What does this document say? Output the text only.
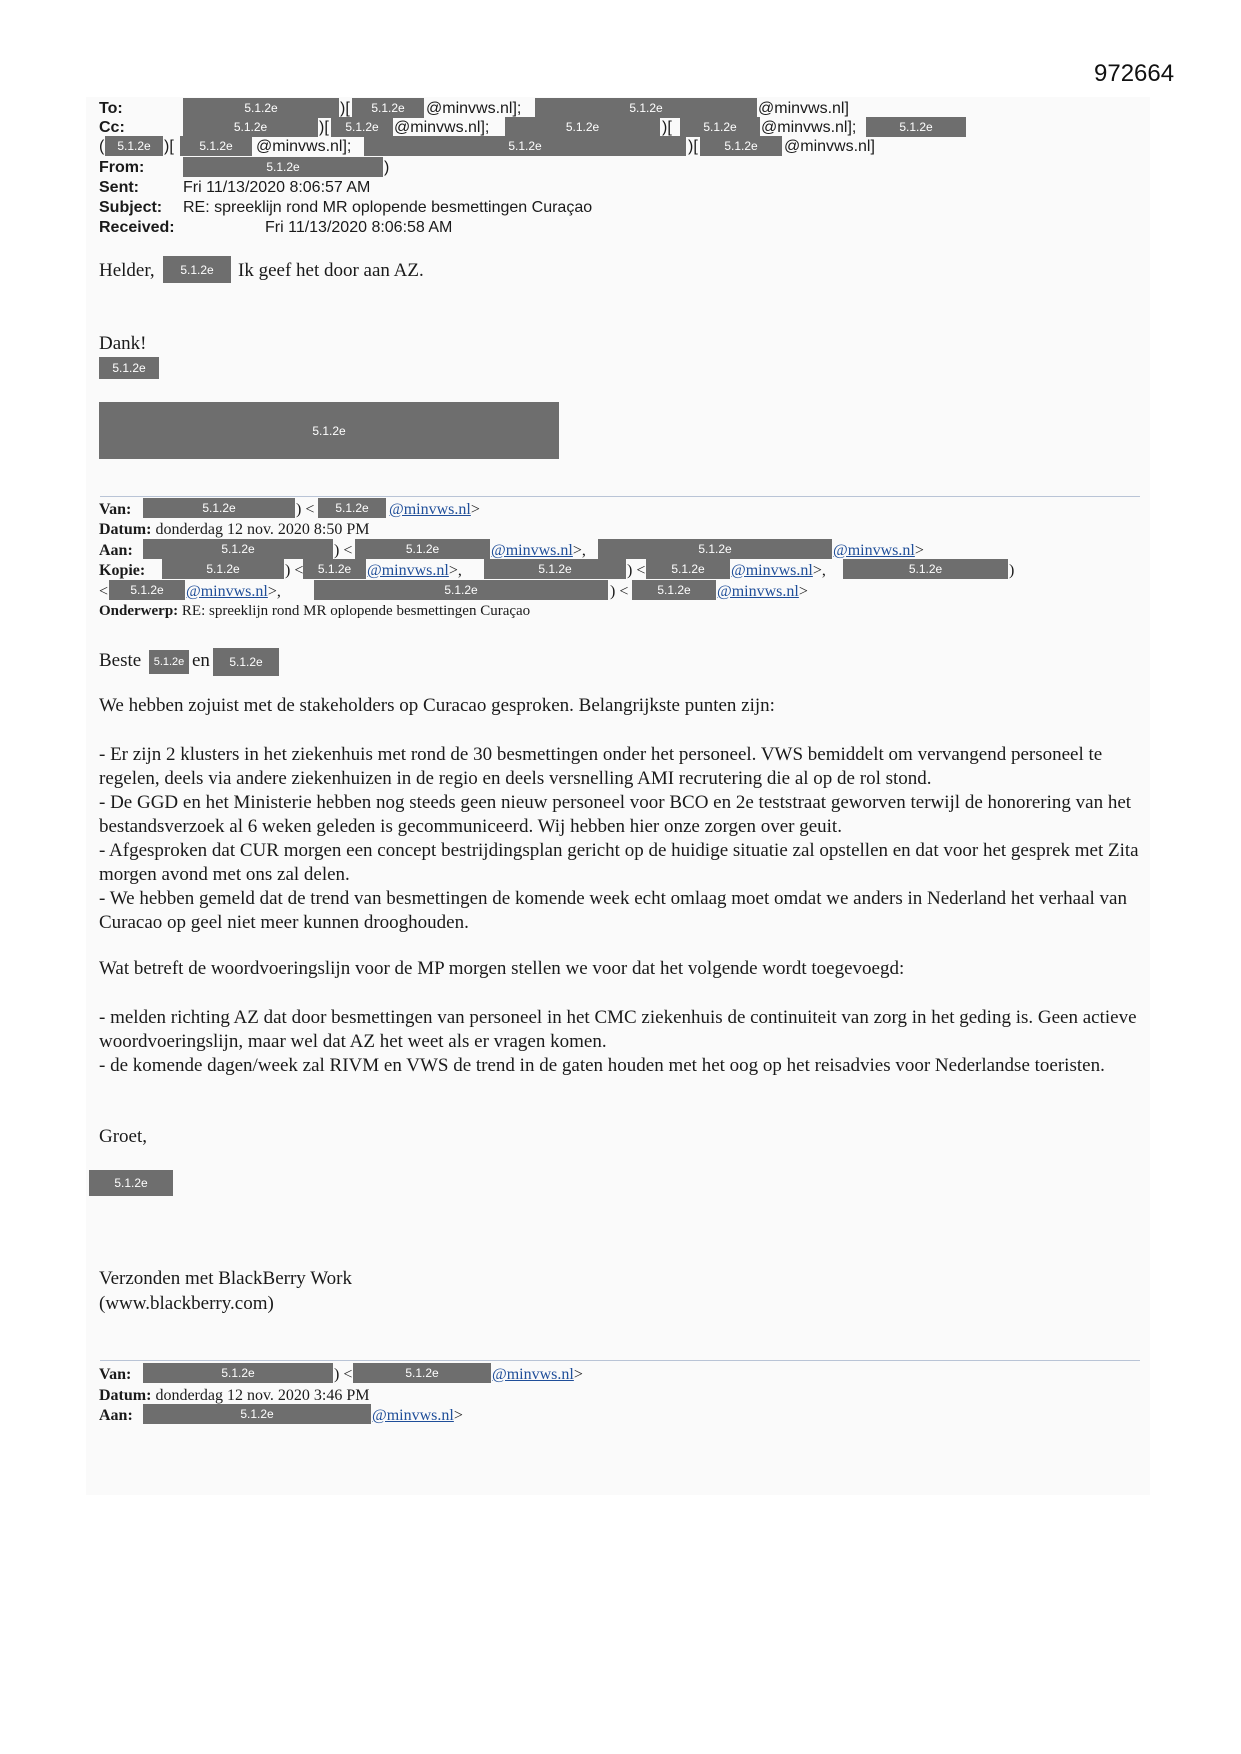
972664
To:	5.1.2e	)[	5.1.2e	@minvws.nl];	5.1.2e	@minvws.nl]
Cc:	5.1.2e	)[	5.1.2e @minvws.nl];	5.1.2e	)[	5.1.2e	@minvws.nl];	5.1.2e
(	5.1.2e )[	5.1.2e	@minvws.nl];	5.1.2e	)[	5.1.2e	@minvws.nl]
From:	5.1.2e	)
Sent:	Fri 11/13/2020 8:06:57 AM
Subject: RE: spreeklijn rond MR oplopende besmettingen Curaçao
Received:	Fri 11/13/2020 8:06:58 AM
Helder,	5.1.2e	Ik geef het door aan AZ.
Dank!
5.1.2e
5.1.2e
Van:	5.1.2e	) <	5.1.2e	@minvws.nl>
Datum: donderdag 12 nov. 2020 8:50 PM
Aan:	5.1.2e	) <	5.1.2e	@minvws.nl>,	5.1.2e	@minvws.nl>
Kopie:	5.1.2e	) <	5.1.2e @minvws.nl>,	5.1.2e	) <	5.1.2e	@minvws.nl>,	5.1.2e	)
<	5.1.2e	@minvws.nl>,	5.1.2e	) <	5.1.2e	@minvws.nl>
Onderwerp: RE: spreeklijn rond MR oplopende besmettingen Curaçao
Beste	5.1.2e en	5.1.2e

We hebben zojuist met de stakeholders op Curacao gesproken. Belangrijkste punten zijn:

- Er zijn 2 klusters in het ziekenhuis met rond de 30 besmettingen onder het personeel. VWS bemiddelt om vervangend personeel te regelen, deels via andere ziekenhuizen in de regio en deels versnelling AMI recrutering die al op de rol stond.

- De GGD en het Ministerie hebben nog steeds geen nieuw personeel voor BCO en 2e teststraat geworven terwijl de honorering van het bestandsverzoek al 6 weken geleden is gecommuniceerd. Wij hebben hier onze zorgen over geuit.

- Afgesproken dat CUR morgen een concept bestrijdingsplan gericht op de huidige situatie zal opstellen en dat voor het gesprek met Zita morgen avond met ons zal delen.

- We hebben gemeld dat de trend van besmettingen de komende week echt omlaag moet omdat we anders in Nederland het verhaal van Curacao op geel niet meer kunnen drooghouden.

Wat betreft de woordvoeringslijn voor de MP morgen stellen we voor dat het volgende wordt toegevoegd:

- melden richting AZ dat door besmettingen van personeel in het CMC ziekenhuis de continuiteit van zorg in het geding is. Geen actieve woordvoeringslijn, maar wel dat AZ het weet als er vragen komen.

- de komende dagen/week zal RIVM en VWS de trend in de gaten houden met het oog op het reisadvies voor Nederlandse toeristen.

Groet,
5.1.2e
Verzonden met BlackBerry Work
(www.blackberry.com)
Van:	5.1.2e	) <	5.1.2e	@minvws.nl>
Datum: donderdag 12 nov. 2020 3:46 PM
Aan:	5.1.2e	@minvws.nl>
